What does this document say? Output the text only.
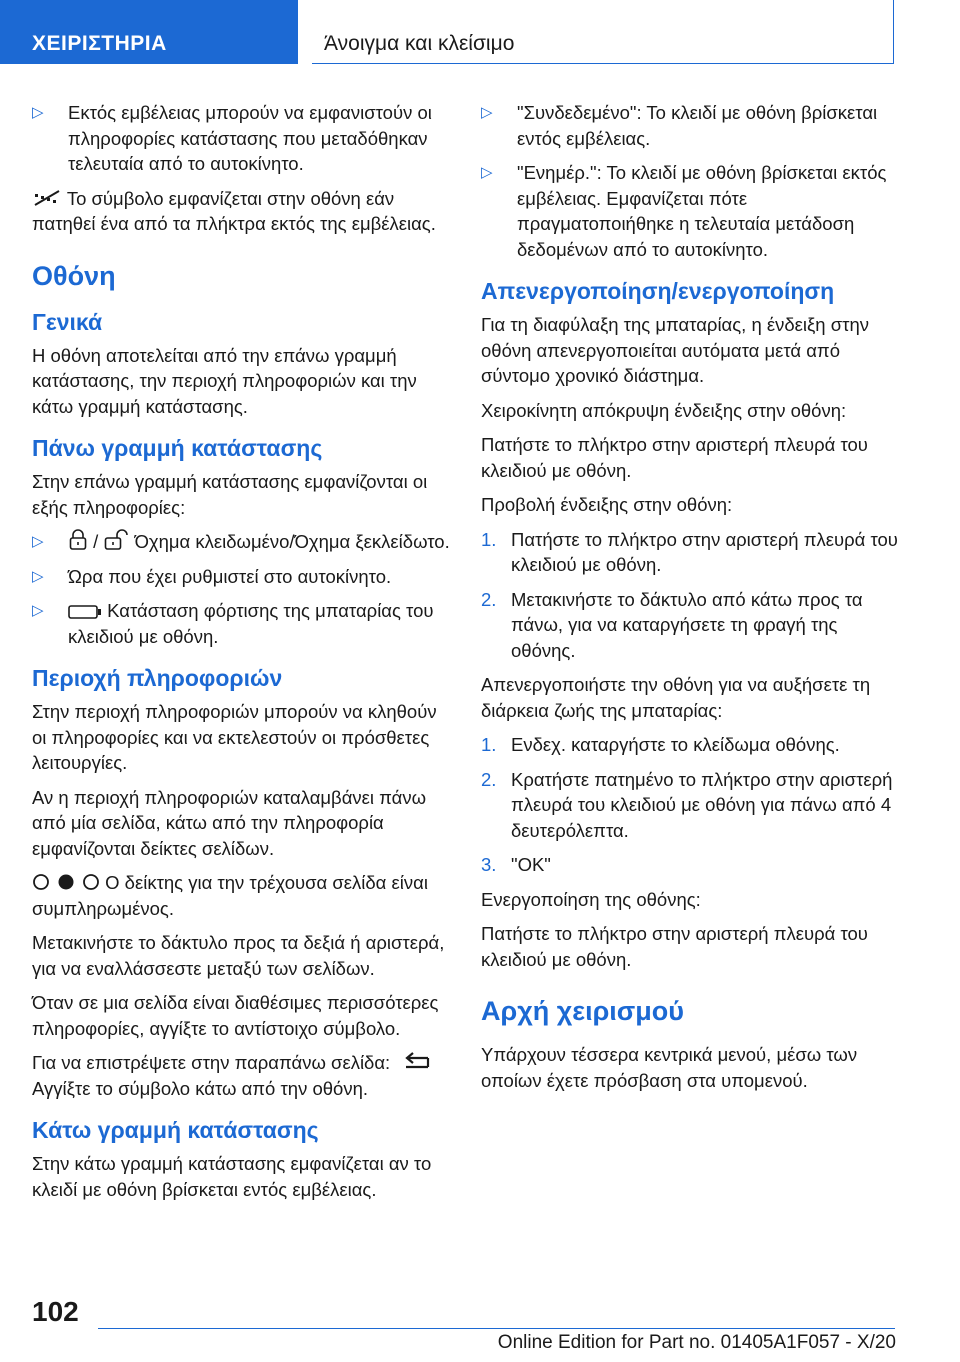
ΧΕΙΡΙΣΤΗΡΙΑ	Άνοιγμα και κλείσιμο
▷ Εκτός εμβέλειας μπορούν να εμφανιστούν οι πληροφορίες κατάστασης που μεταδόθηκαν τελευταία από το αυτοκίνητο.

Το σύμβολο εμφανίζεται στην οθόνη εάν πατηθεί ένα από τα πλήκτρα εκτός της εμβέλειας.

Οθόνη
Γενικά

Η οθόνη αποτελείται από την επάνω γραμμή κατάστασης, την περιοχή πληροφοριών και την κάτω γραμμή κατάστασης.

Πάνω γραμμή κατάστασης

Στην επάνω γραμμή κατάστασης εμφανίζονται οι εξής πληροφορίες:

▷	/ Όχημα κλειδωμένο/Όχημα ξεκλείδωτο.
▷ Ώρα που έχει ρυθμιστεί στο αυτοκίνητο.
▷	Κατάσταση φόρτισης της μπαταρίας του κλειδιού με οθόνη.
Περιοχή πληροφοριών

Στην περιοχή πληροφοριών μπορούν να κληθούν οι πληροφορίες και να εκτελεστούν οι πρόσθετες λειτουργίες.

Αν η περιοχή πληροφοριών καταλαμβάνει πάνω από μία σελίδα, κάτω από την πληροφορία εμφανίζονται δείκτες σελίδων.

Ο δείκτης για την τρέχουσα σελίδα είναι συμπληρωμένος.

Μετακινήστε το δάκτυλο προς τα δεξιά ή αριστερά, για να εναλλάσσεστε μεταξύ των σελίδων.

Όταν σε μια σελίδα είναι διαθέσιμες περισσότερες πληροφορίες, αγγίξτε το αντίστοιχο σύμβολο.

Για να επιστρέψετε στην παραπάνω σελίδα:
Αγγίξτε το σύμβολο κάτω από την οθόνη.

Κάτω γραμμή κατάστασης

Στην κάτω γραμμή κατάστασης εμφανίζεται αν το κλειδί με οθόνη βρίσκεται εντός εμβέλειας.

▷ "Συνδεδεμένο": Το κλειδί με οθόνη βρίσκεται εντός εμβέλειας.
▷ "Ενημέρ.": Το κλειδί με οθόνη βρίσκεται εκτός εμβέλειας. Εμφανίζεται πότε πραγματοποιήθηκε η τελευταία μετάδοση δεδομένων από το αυτοκίνητο.
Απενεργοποίηση/ενεργοποίηση

Για τη διαφύλαξη της μπαταρίας, η ένδειξη στην οθόνη απενεργοποιείται αυτόματα μετά από σύντομο χρονικό διάστημα.

Χειροκίνητη απόκρυψη ένδειξης στην οθόνη:

Πατήστε το πλήκτρο στην αριστερή πλευρά του κλειδιού με οθόνη.

Προβολή ένδειξης στην οθόνη:

1. Πατήστε το πλήκτρο στην αριστερή πλευρά του κλειδιού με οθόνη.
2. Μετακινήστε το δάκτυλο από κάτω προς τα πάνω, για να καταργήσετε τη φραγή της οθόνης.

Απενεργοποιήστε την οθόνη για να αυξήσετε τη διάρκεια ζωής της μπαταρίας:

1. Ενδεχ. καταργήστε το κλείδωμα οθόνης.
2. Κρατήστε πατημένο το πλήκτρο στην αριστερή πλευρά του κλειδιού με οθόνη για πάνω από 4 δευτερόλεπτα.
3. "OK"

Ενεργοποίηση της οθόνης:

Πατήστε το πλήκτρο στην αριστερή πλευρά του κλειδιού με οθόνη.

Αρχή χειρισμού

Υπάρχουν τέσσερα κεντρικά μενού, μέσω των οποίων έχετε πρόσβαση στα υπομενού.

102
Online Edition for Part no. 01405A1F057 - X/20
